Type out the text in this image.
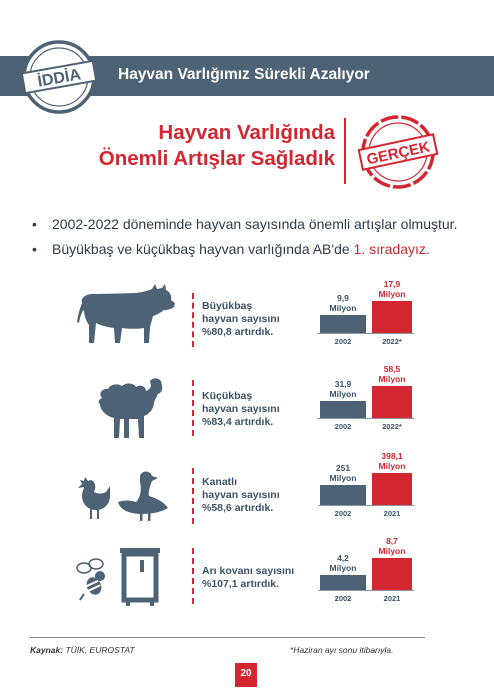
Hayvan Varlığımız Sürekli Azalıyor
İDDİA
Hayvan Varlığında
Önemli Artışlar Sağladık GERÇEK
• 2002-2022 döneminde hayvan sayısında önemli artışlar olmuştur.
• Büyükbaş ve küçükbaş hayvan varlığında AB'de 1. sıradayız.
Büyükbaş
hayvan sayısını
%80,8 artırdık.
Küçükbaş
hayvan sayısını
%83,4 artırdık.
Kanatlı
hayvan sayısını
%58,6 artırdık.
Arı kovanı sayısını
%107,1 artırdık.
9,9
Milyon
17,9
Milyon
2002	2022*
31,9
Milyon
58,5
Milyon
2002	2022*
251
Milyon
398,1
Milyon
2002	2021
4,2
Milyon
8,7
Milyon
2002	2021
Kaynak: TÜİK, EUROSTAT	*Haziran ayı sonu itibarıyla.
20
